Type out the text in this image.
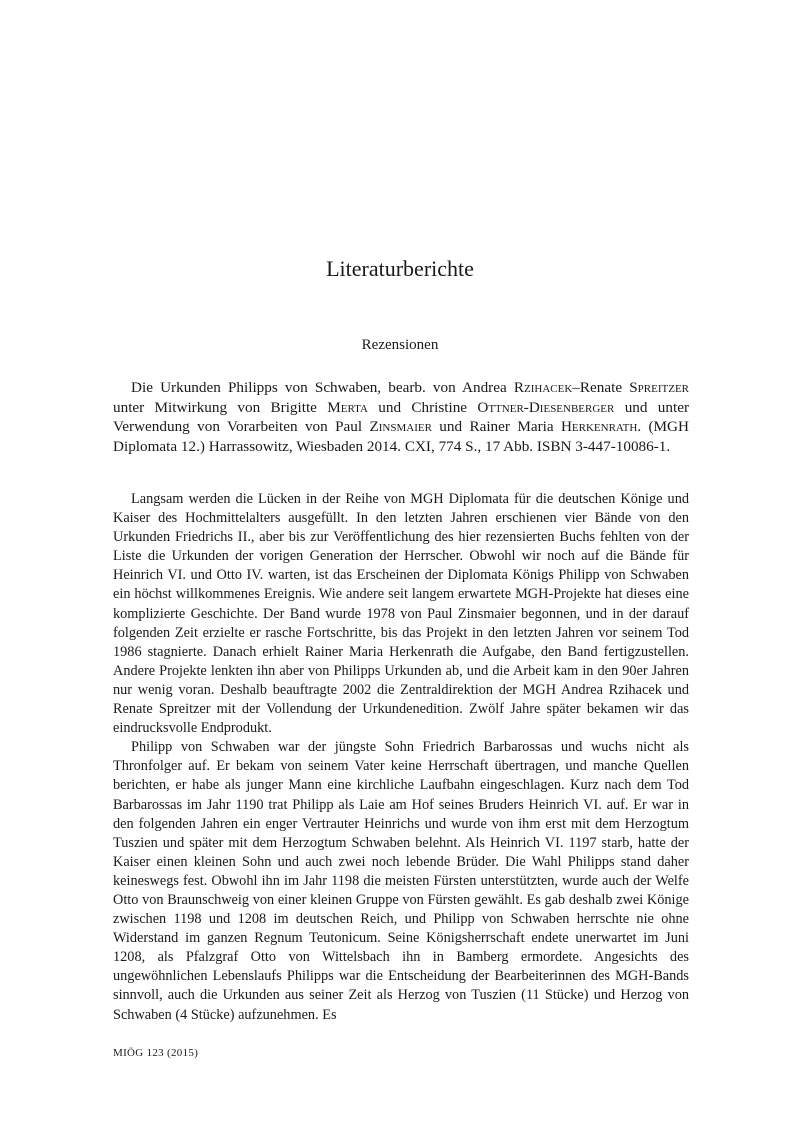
Literaturberichte
Rezensionen

Die Urkunden Philipps von Schwaben, bearb. von Andrea Rzihacek–Renate Spreitzer unter Mitwirkung von Brigitte Merta und Christine Ottner-Diesenberger und unter Verwendung von Vorarbeiten von Paul Zinsmaier und Rainer Maria Herkenrath. (MGH Diplomata 12.) Harrassowitz, Wiesbaden 2014. CXI, 774 S., 17 Abb. ISBN 3-447-10086-1.

Langsam werden die Lücken in der Reihe von MGH Diplomata für die deutschen Könige und Kaiser des Hochmittelalters ausgefüllt. In den letzten Jahren erschienen vier Bände von den Urkunden Friedrichs II., aber bis zur Veröffentlichung des hier rezensierten Buchs fehlten von der Liste die Urkunden der vorigen Generation der Herrscher. Obwohl wir noch auf die Bände für Heinrich VI. und Otto IV. warten, ist das Erscheinen der Diplomata Königs Philipp von Schwaben ein höchst willkommenes Ereignis. Wie andere seit langem erwartete MGH-Projekte hat dieses eine komplizierte Geschichte. Der Band wurde 1978 von Paul Zinsmaier begonnen, und in der darauf folgenden Zeit erzielte er rasche Fortschritte, bis das Projekt in den letzten Jahren vor seinem Tod 1986 stagnierte. Danach erhielt Rainer Maria Herkenrath die Aufgabe, den Band fertigzustellen. Andere Projekte lenkten ihn aber von Philipps Urkunden ab, und die Arbeit kam in den 90er Jahren nur wenig voran. Deshalb beauftragte 2002 die Zentraldirektion der MGH Andrea Rzihacek und Renate Spreitzer mit der Vollendung der Urkundenedition. Zwölf Jahre später bekamen wir das eindrucksvolle Endprodukt.

Philipp von Schwaben war der jüngste Sohn Friedrich Barbarossas und wuchs nicht als Thronfolger auf. Er bekam von seinem Vater keine Herrschaft übertragen, und manche Quellen berichten, er habe als junger Mann eine kirchliche Laufbahn eingeschlagen. Kurz nach dem Tod Barbarossas im Jahr 1190 trat Philipp als Laie am Hof seines Bruders Heinrich VI. auf. Er war in den folgenden Jahren ein enger Vertrauter Heinrichs und wurde von ihm erst mit dem Herzogtum Tuszien und später mit dem Herzogtum Schwaben belehnt. Als Heinrich VI. 1197 starb, hatte der Kaiser einen kleinen Sohn und auch zwei noch lebende Brüder. Die Wahl Philipps stand daher keineswegs fest. Obwohl ihn im Jahr 1198 die meisten Fürsten unterstützten, wurde auch der Welfe Otto von Braunschweig von einer kleinen Gruppe von Fürsten gewählt. Es gab deshalb zwei Könige zwischen 1198 und 1208 im deutschen Reich, und Philipp von Schwaben herrschte nie ohne Widerstand im ganzen Regnum Teutonicum. Seine Königsherrschaft endete unerwartet im Juni 1208, als Pfalzgraf Otto von Wittelsbach ihn in Bamberg ermordete. Angesichts des ungewöhnlichen Lebenslaufs Philipps war die Entscheidung der Bearbeiterinnen des MGH-Bands sinnvoll, auch die Urkunden aus seiner Zeit als Herzog von Tuszien (11 Stücke) und Herzog von Schwaben (4 Stücke) aufzunehmen. Es

MIÖG 123 (2015)
